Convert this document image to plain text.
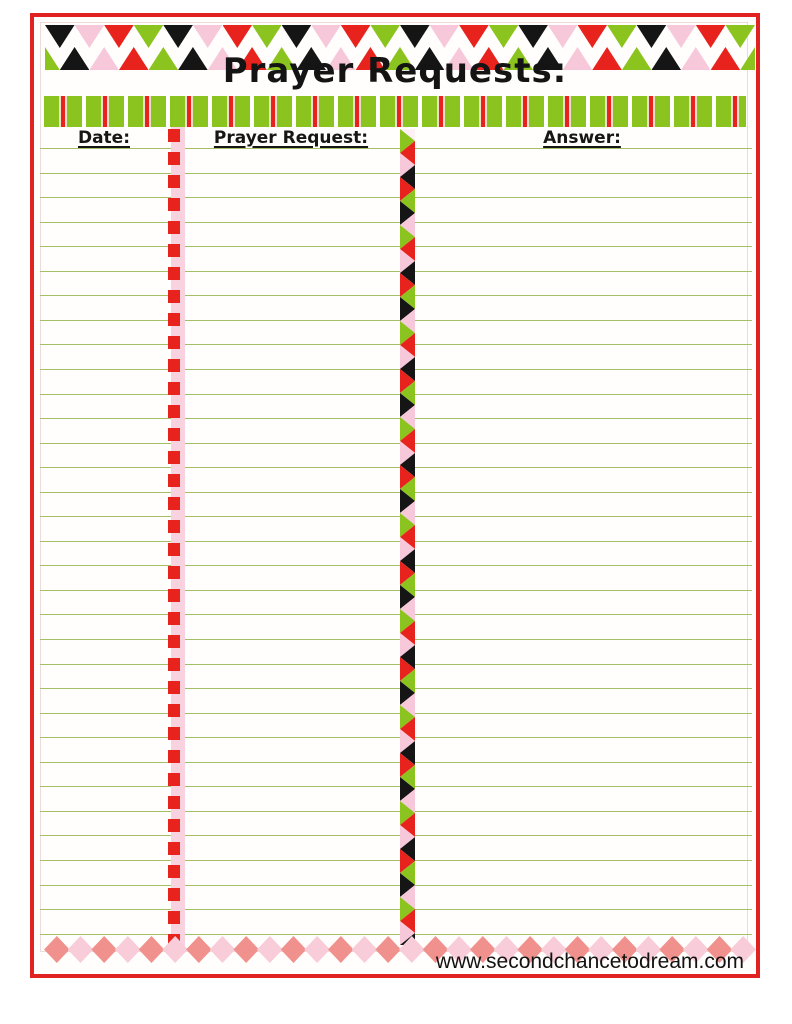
Prayer Requests:
Date:	Prayer Request:	Answer:
www.secondchancetodream.com
